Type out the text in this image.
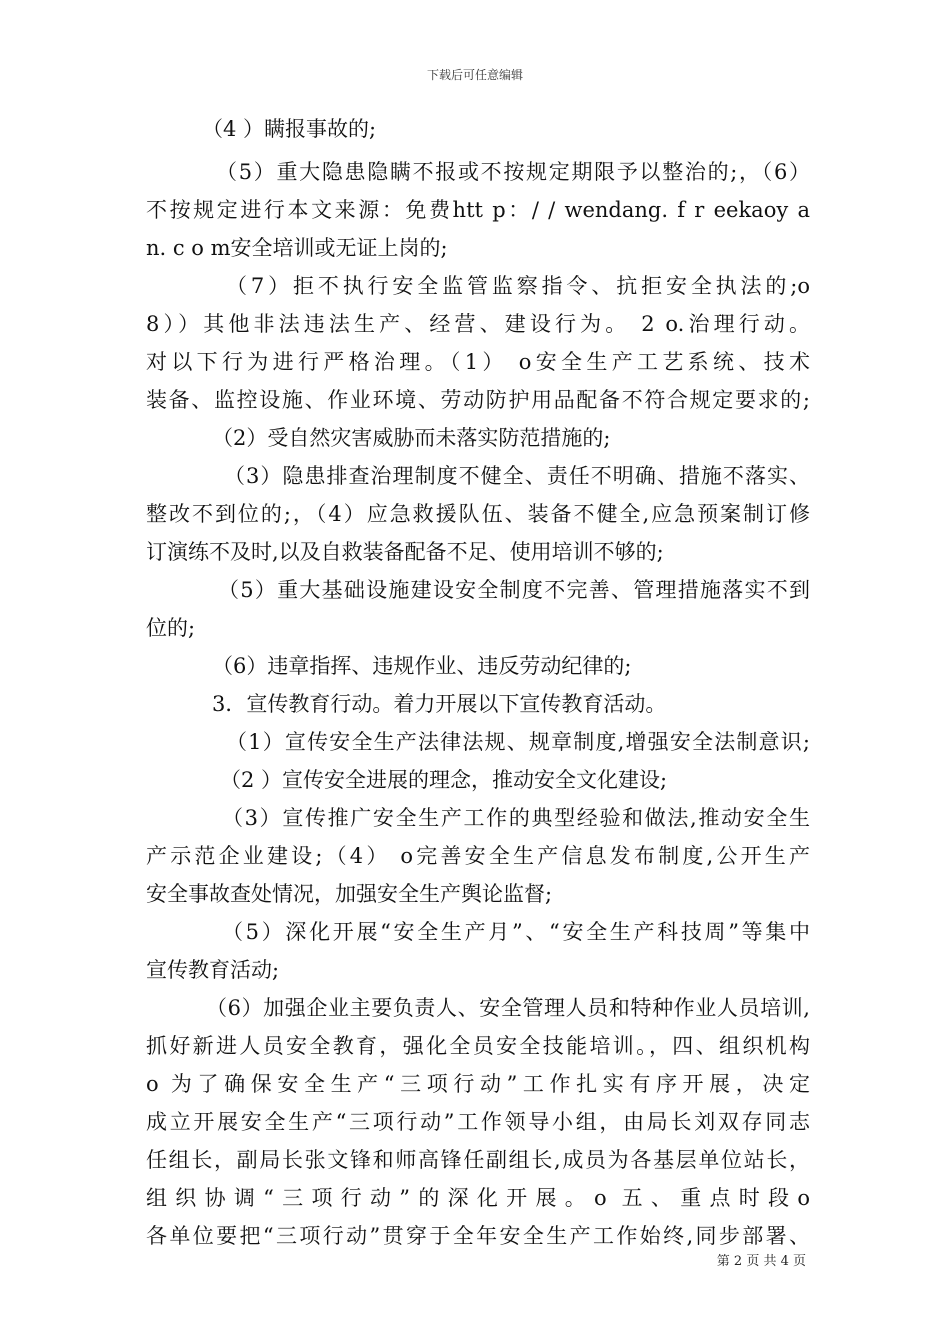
下载后可任意编辑
（4 ）瞒报事故的;
（5）重大隐患隐瞒不报或不按规定期限予以整治的;，（6）
不按规定进行本文来源：免费htt p：/ / wendang. f r eekaoy a
n. c o m安全培训或无证上岗的;
（7）拒不执行安全监管监察指令、抗拒安全执法的;o
8））其他非法违法生产、经营、建设行为。 2 o.治理行动。
对以下行为进行严格治理。（1） o安全生产工艺系统、技术
装备、监控设施、作业环境、劳动防护用品配备不符合规定要求的;
（2）受自然灾害威胁而未落实防范措施的;
（3）隐患排查治理制度不健全、责任不明确、措施不落实、
整改不到位的;，（4）应急救援队伍、装备不健全,应急预案制订修
订演练不及时,以及自救装备配备不足、使用培训不够的;
（5）重大基础设施建设安全制度不完善、管理措施落实不到
位的;
（6）违章指挥、违规作业、违反劳动纪律的;
3．宣传教育行动。着力开展以下宣传教育活动。
（1）宣传安全生产法律法规、规章制度,增强安全法制意识;
（2 ）宣传安全进展的理念，推动安全文化建设;
（3）宣传推广安全生产工作的典型经验和做法,推动安全生
产示范企业建设;（4） o完善安全生产信息发布制度,公开生产
安全事故查处情况，加强安全生产舆论监督;
（5）深化开展“安全生产月”、“安全生产科技周”等集中
宣传教育活动;
（6）加强企业主要负责人、安全管理人员和特种作业人员培训,
抓好新进人员安全教育，强化全员安全技能培训。，四、组织机构
o 为了确保安全生产“三项行动”工作扎实有序开展，决定
成立开展安全生产“三项行动”工作领导小组，由局长刘双存同志
任组长，副局长张文锋和师高锋任副组长,成员为各基层单位站长，
组织协调“三项行动”的深化开展。o 五、重点时段o
各单位要把“三项行动”贯穿于全年安全生产工作始终,同步部署、
第 2 页 共 4 页
